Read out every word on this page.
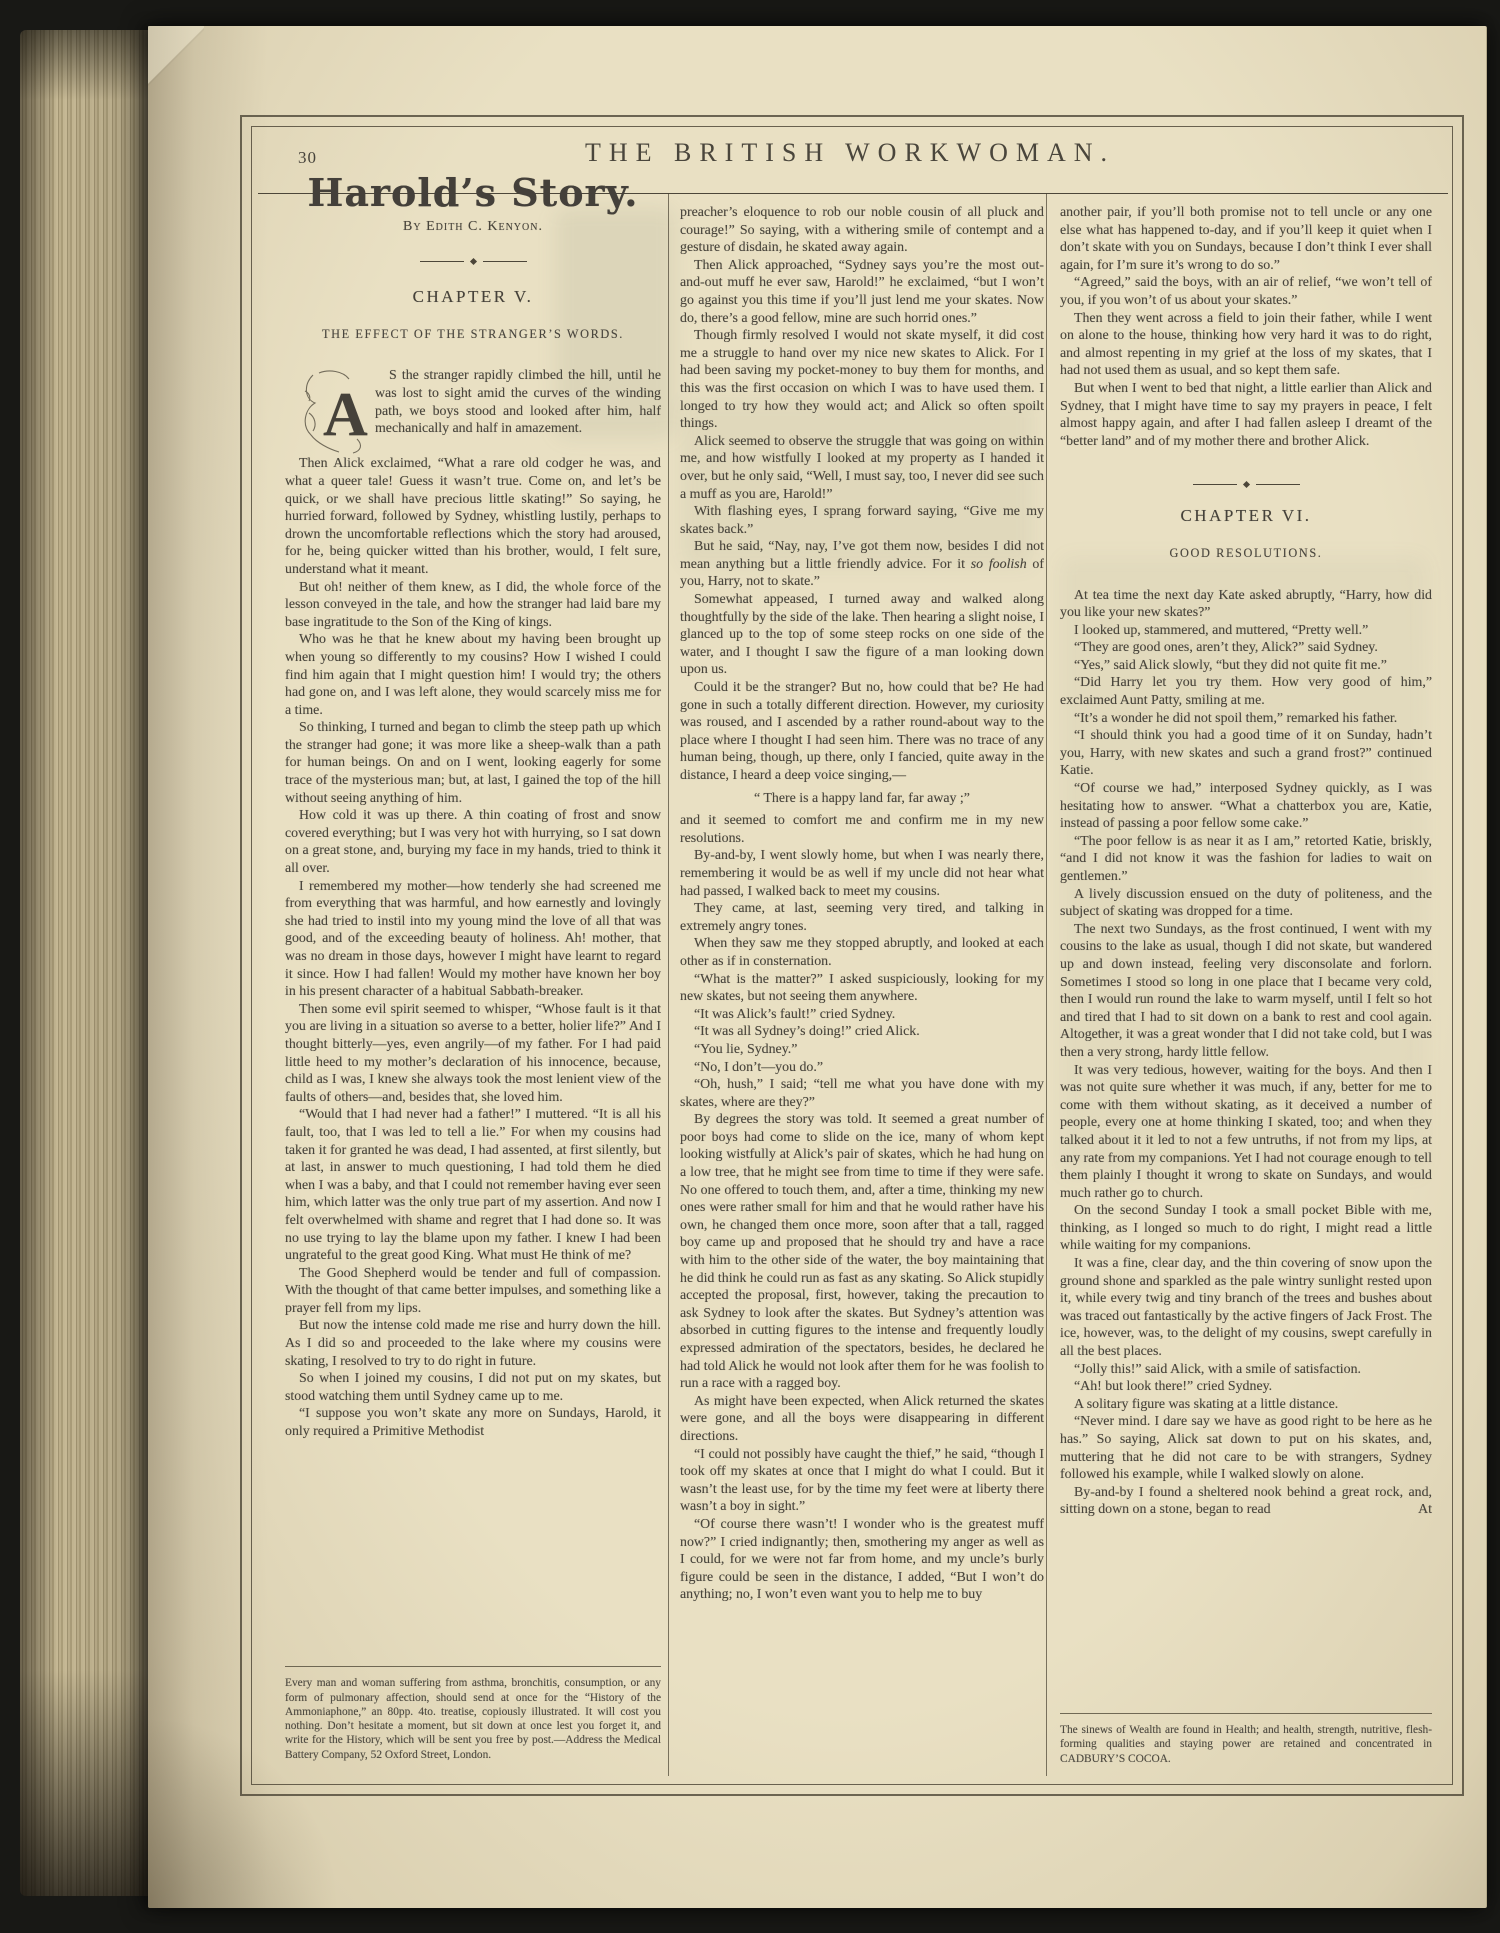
30	THE BRITISH WORKWOMAN.
Harold’s Story.
By Edith C. Kenyon.
CHAPTER V.
THE EFFECT OF THE STRANGER’S WORDS.

A
S the stranger rapidly climbed the hill, until he was lost to sight amid the curves of the winding path, we boys stood and looked after him, half mechanically and half in amazement.

Then Alick exclaimed, “What a rare old codger he was, and what a queer tale! Guess it wasn’t true. Come on, and let’s be quick, or we shall have precious little skating!” So saying, he hurried forward, followed by Sydney, whistling lustily, perhaps to drown the uncomfortable reflections which the story had aroused, for he, being quicker witted than his brother, would, I felt sure, understand what it meant.

But oh! neither of them knew, as I did, the whole force of the lesson conveyed in the tale, and how the stranger had laid bare my base ingratitude to the Son of the King of kings.

Who was he that he knew about my having been brought up when young so differently to my cousins? How I wished I could find him again that I might question him! I would try; the others had gone on, and I was left alone, they would scarcely miss me for a time.

So thinking, I turned and began to climb the steep path up which the stranger had gone; it was more like a sheep-walk than a path for human beings. On and on I went, looking eagerly for some trace of the mysterious man; but, at last, I gained the top of the hill without seeing anything of him.

How cold it was up there. A thin coating of frost and snow covered everything; but I was very hot with hurrying, so I sat down on a great stone, and, burying my face in my hands, tried to think it all over.

I remembered my mother—how tenderly she had screened me from everything that was harmful, and how earnestly and lovingly she had tried to instil into my young mind the love of all that was good, and of the exceeding beauty of holiness. Ah! mother, that was no dream in those days, however I might have learnt to regard it since. How I had fallen! Would my mother have known her boy in his present character of a habitual Sabbath-breaker.

Then some evil spirit seemed to whisper, “Whose fault is it that you are living in a situation so averse to a better, holier life?” And I thought bitterly—yes, even angrily—of my father. For I had paid little heed to my mother’s declaration of his innocence, because, child as I was, I knew she always took the most lenient view of the faults of others—and, besides that, she loved him.

“Would that I had never had a father!” I muttered. “It is all his fault, too, that I was led to tell a lie.” For when my cousins had taken it for granted he was dead, I had assented, at first silently, but at last, in answer to much questioning, I had told them he died when I was a baby, and that I could not remember having ever seen him, which latter was the only true part of my assertion. And now I felt overwhelmed with shame and regret that I had done so. It was no use trying to lay the blame upon my father. I knew I had been ungrateful to the great good King. What must He think of me?

The Good Shepherd would be tender and full of compassion. With the thought of that came better impulses, and something like a prayer fell from my lips.

But now the intense cold made me rise and hurry down the hill. As I did so and proceeded to the lake where my cousins were skating, I resolved to try to do right in future.

So when I joined my cousins, I did not put on my skates, but stood watching them until Sydney came up to me.

“I suppose you won’t skate any more on Sundays, Harold, it only required a Primitive Methodist

Every man and woman suffering from asthma, bronchitis, consumption, or any form of pulmonary affection, should send at once for the “History of the Ammoniaphone,” an 80pp. 4to. treatise, copiously illustrated. It will cost you nothing. Don’t hesitate a moment, but sit down at once lest you forget it, and write for the History, which will be sent you free by post.—Address the Medical Battery Company, 52 Oxford Street, London.

preacher’s eloquence to rob our noble cousin of all pluck and courage!” So saying, with a withering smile of contempt and a gesture of disdain, he skated away again.

Then Alick approached, “Sydney says you’re the most out-and-out muff he ever saw, Harold!” he exclaimed, “but I won’t go against you this time if you’ll just lend me your skates. Now do, there’s a good fellow, mine are such horrid ones.”

Though firmly resolved I would not skate myself, it did cost me a struggle to hand over my nice new skates to Alick. For I had been saving my pocket-money to buy them for months, and this was the first occasion on which I was to have used them. I longed to try how they would act; and Alick so often spoilt things.

Alick seemed to observe the struggle that was going on within me, and how wistfully I looked at my property as I handed it over, but he only said, “Well, I must say, too, I never did see such a muff as you are, Harold!”

With flashing eyes, I sprang forward saying, “Give me my skates back.”

But he said, “Nay, nay, I’ve got them now, besides I did not mean anything but a little friendly advice. For it so foolish of you, Harry, not to skate.”

Somewhat appeased, I turned away and walked along thoughtfully by the side of the lake. Then hearing a slight noise, I glanced up to the top of some steep rocks on one side of the water, and I thought I saw the figure of a man looking down upon us.

Could it be the stranger? But no, how could that be? He had gone in such a totally different direction. However, my curiosity was roused, and I ascended by a rather round-about way to the place where I thought I had seen him. There was no trace of any human being, though, up there, only I fancied, quite away in the distance, I heard a deep voice singing,—

“ There is a happy land far, far away ;”

and it seemed to comfort me and confirm me in my new resolutions.

By-and-by, I went slowly home, but when I was nearly there, remembering it would be as well if my uncle did not hear what had passed, I walked back to meet my cousins.

They came, at last, seeming very tired, and talking in extremely angry tones.

When they saw me they stopped abruptly, and looked at each other as if in consternation.

“What is the matter?” I asked suspiciously, looking for my new skates, but not seeing them anywhere.

“It was Alick’s fault!” cried Sydney.

“It was all Sydney’s doing!” cried Alick.

“You lie, Sydney.”

“No, I don’t—you do.”

“Oh, hush,” I said; “tell me what you have done with my skates, where are they?”

By degrees the story was told. It seemed a great number of poor boys had come to slide on the ice, many of whom kept looking wistfully at Alick’s pair of skates, which he had hung on a low tree, that he might see from time to time if they were safe. No one offered to touch them, and, after a time, thinking my new ones were rather small for him and that he would rather have his own, he changed them once more, soon after that a tall, ragged boy came up and proposed that he should try and have a race with him to the other side of the water, the boy maintaining that he did think he could run as fast as any skating. So Alick stupidly accepted the proposal, first, however, taking the precaution to ask Sydney to look after the skates. But Sydney’s attention was absorbed in cutting figures to the intense and frequently loudly expressed admiration of the spectators, besides, he declared he had told Alick he would not look after them for he was foolish to run a race with a ragged boy.

As might have been expected, when Alick returned the skates were gone, and all the boys were disappearing in different directions.

“I could not possibly have caught the thief,” he said, “though I took off my skates at once that I might do what I could. But it wasn’t the least use, for by the time my feet were at liberty there wasn’t a boy in sight.”

“Of course there wasn’t! I wonder who is the greatest muff now?” I cried indignantly; then, smothering my anger as well as I could, for we were not far from home, and my uncle’s burly figure could be seen in the distance, I added, “But I won’t do anything; no, I won’t even want you to help me to buy

another pair, if you’ll both promise not to tell uncle or any one else what has happened to-day, and if you’ll keep it quiet when I don’t skate with you on Sundays, because I don’t think I ever shall again, for I’m sure it’s wrong to do so.”

“Agreed,” said the boys, with an air of relief, “we won’t tell of you, if you won’t of us about your skates.”

Then they went across a field to join their father, while I went on alone to the house, thinking how very hard it was to do right, and almost repenting in my grief at the loss of my skates, that I had not used them as usual, and so kept them safe.

But when I went to bed that night, a little earlier than Alick and Sydney, that I might have time to say my prayers in peace, I felt almost happy again, and after I had fallen asleep I dreamt of the “better land” and of my mother there and brother Alick.

CHAPTER VI.
GOOD RESOLUTIONS.

At tea time the next day Kate asked abruptly, “Harry, how did you like your new skates?”

I looked up, stammered, and muttered, “Pretty well.”

“They are good ones, aren’t they, Alick?” said Sydney.

“Yes,” said Alick slowly, “but they did not quite fit me.”

“Did Harry let you try them. How very good of him,” exclaimed Aunt Patty, smiling at me.

“It’s a wonder he did not spoil them,” remarked his father.

“I should think you had a good time of it on Sunday, hadn’t you, Harry, with new skates and such a grand frost?” continued Katie.

“Of course we had,” interposed Sydney quickly, as I was hesitating how to answer. “What a chatterbox you are, Katie, instead of passing a poor fellow some cake.”

“The poor fellow is as near it as I am,” retorted Katie, briskly, “and I did not know it was the fashion for ladies to wait on gentlemen.”

A lively discussion ensued on the duty of politeness, and the subject of skating was dropped for a time.

The next two Sundays, as the frost continued, I went with my cousins to the lake as usual, though I did not skate, but wandered up and down instead, feeling very disconsolate and forlorn. Sometimes I stood so long in one place that I became very cold, then I would run round the lake to warm myself, until I felt so hot and tired that I had to sit down on a bank to rest and cool again. Altogether, it was a great wonder that I did not take cold, but I was then a very strong, hardy little fellow.

It was very tedious, however, waiting for the boys. And then I was not quite sure whether it was much, if any, better for me to come with them without skating, as it deceived a number of people, every one at home thinking I skated, too; and when they talked about it it led to not a few untruths, if not from my lips, at any rate from my companions. Yet I had not courage enough to tell them plainly I thought it wrong to skate on Sundays, and would much rather go to church.

On the second Sunday I took a small pocket Bible with me, thinking, as I longed so much to do right, I might read a little while waiting for my companions.

It was a fine, clear day, and the thin covering of snow upon the ground shone and sparkled as the pale wintry sunlight rested upon it, while every twig and tiny branch of the trees and bushes about was traced out fantastically by the active fingers of Jack Frost. The ice, however, was, to the delight of my cousins, swept carefully in all the best places.

“Jolly this!” said Alick, with a smile of satisfaction.

“Ah! but look there!” cried Sydney.

A solitary figure was skating at a little distance.

“Never mind. I dare say we have as good right to be here as he has.” So saying, Alick sat down to put on his skates, and, muttering that he did not care to be with strangers, Sydney followed his example, while I walked slowly on alone.

By-and-by I found a sheltered nook behind a great rock, and, sitting down on a stone, began to read	At

The sinews of Wealth are found in Health; and health, strength, nutritive, flesh-forming qualities and staying power are retained and concentrated in CADBURY’S COCOA.
